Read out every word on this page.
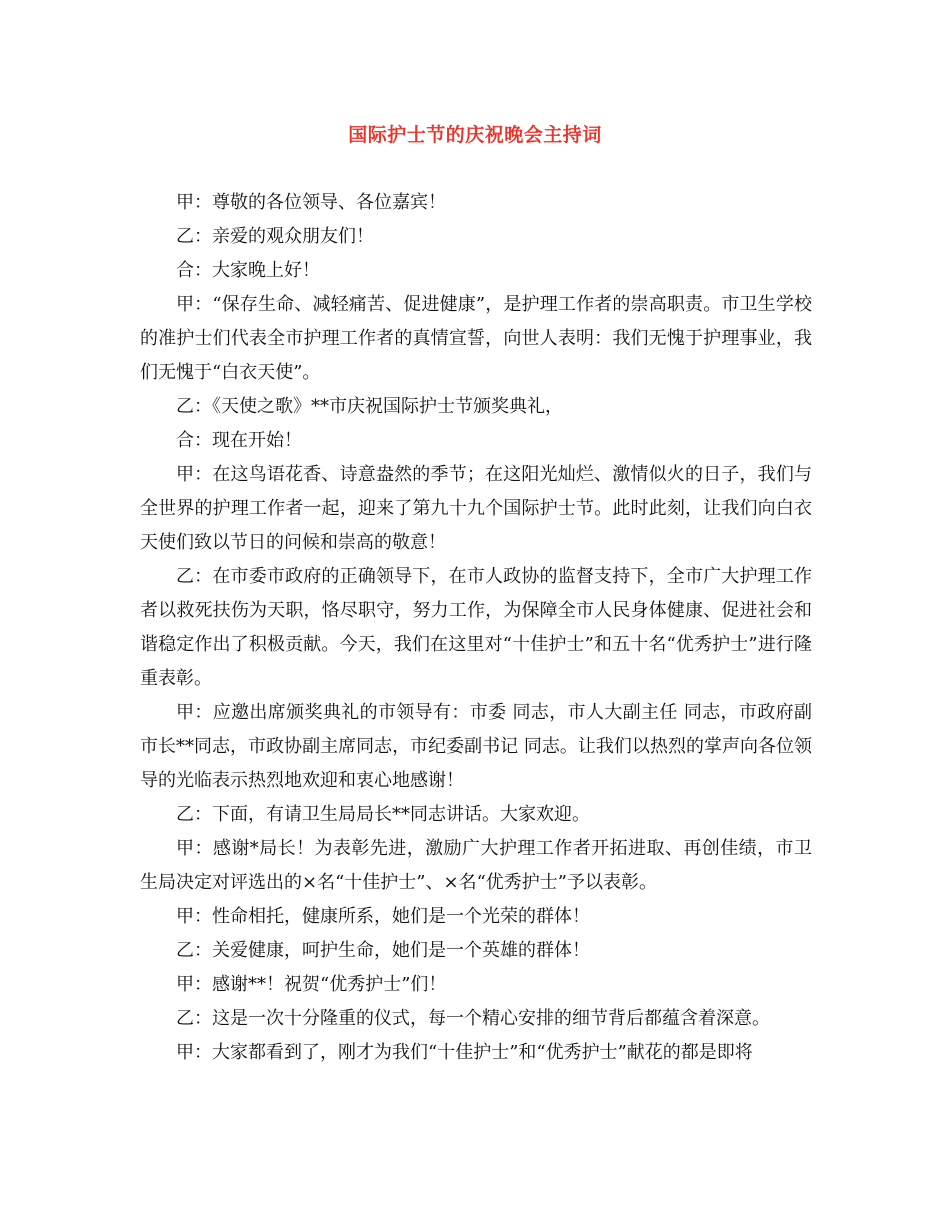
国际护士节的庆祝晚会主持词

甲：尊敬的各位领导、各位嘉宾！

乙：亲爱的观众朋友们！

合：大家晚上好！

甲：“保存生命、减轻痛苦、促进健康”，是护理工作者的崇高职责。市卫生学校的准护士们代表全市护理工作者的真情宣誓，向世人表明：我们无愧于护理事业，我们无愧于“白衣天使”。

乙：《天使之歌》**市庆祝国际护士节颁奖典礼，

合：现在开始！

甲：在这鸟语花香、诗意盎然的季节；在这阳光灿烂、激情似火的日子，我们与全世界的护理工作者一起，迎来了第九十九个国际护士节。此时此刻，让我们向白衣天使们致以节日的问候和崇高的敬意！

乙：在市委市政府的正确领导下，在市人政协的监督支持下，全市广大护理工作者以救死扶伤为天职，恪尽职守，努力工作，为保障全市人民身体健康、促进社会和谐稳定作出了积极贡献。今天，我们在这里对“十佳护士”和五十名“优秀护士”进行隆重表彰。

甲：应邀出席颁奖典礼的市领导有：市委 同志，市人大副主任 同志，市政府副市长**同志，市政协副主席同志，市纪委副书记 同志。让我们以热烈的掌声向各位领导的光临表示热烈地欢迎和衷心地感谢！

乙：下面，有请卫生局局长**同志讲话。大家欢迎。

甲：感谢*局长！为表彰先进，激励广大护理工作者开拓进取、再创佳绩，市卫生局决定对评选出的×名“十佳护士”、×名“优秀护士”予以表彰。

甲：性命相托，健康所系，她们是一个光荣的群体！

乙：关爱健康，呵护生命，她们是一个英雄的群体！

甲：感谢**！祝贺“优秀护士”们！

乙：这是一次十分隆重的仪式，每一个精心安排的细节背后都蕴含着深意。

甲：大家都看到了，刚才为我们“十佳护士”和“优秀护士”献花的都是即将
